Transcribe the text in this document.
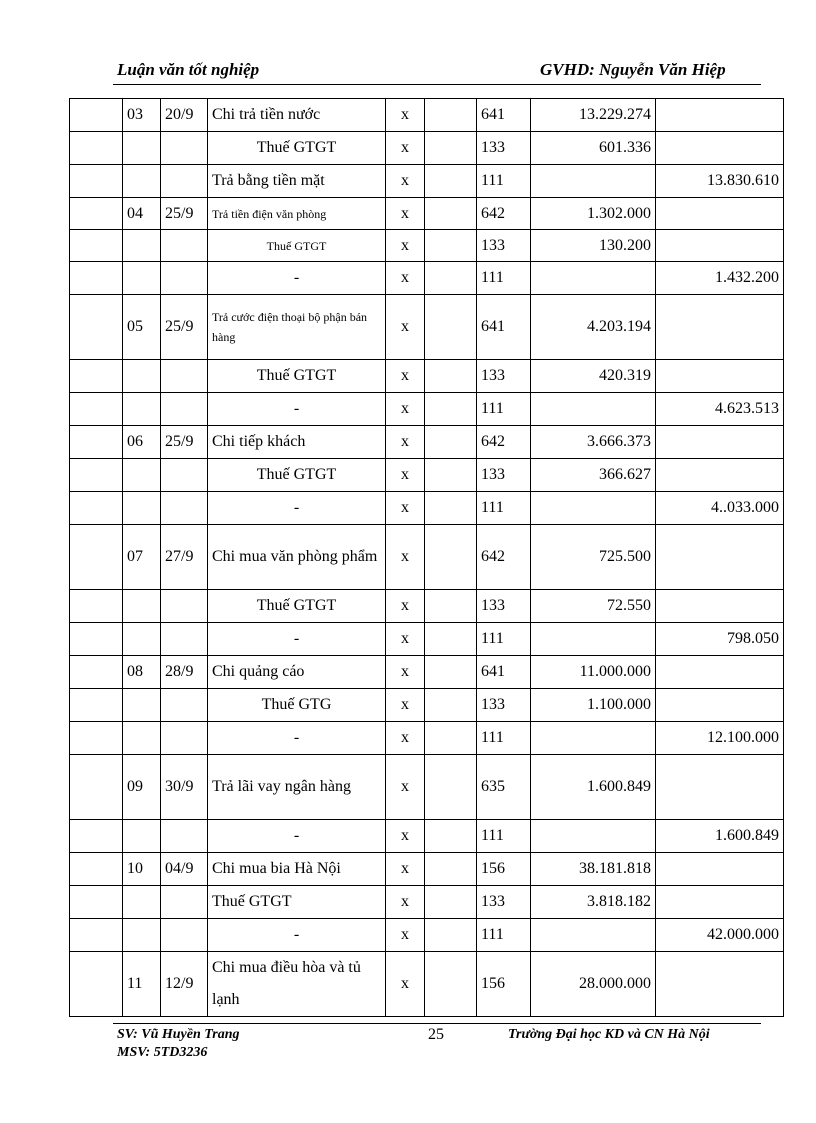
Luận văn tốt nghiệp	GVHD: Nguyễn Văn Hiệp
	03	20/9	Chi trả tiền nước	x		641	13.229.274	
			Thuế GTGT	x		133	601.336	
			Trả bằng tiền mặt	x		111		13.830.610
	04	25/9	Trả tiền điện văn phòng	x		642	1.302.000	
			Thuế GTGT	x		133	130.200	
			-	x		111		1.432.200
	05	25/9	Trả cước điện thoại bộ phận bán hàng	x		641	4.203.194	
			Thuế GTGT	x		133	420.319	
			-	x		111		4.623.513
	06	25/9	Chi tiếp khách	x		642	3.666.373	
			Thuế GTGT	x		133	366.627	
			-	x		111		4..033.000
	07	27/9	Chi mua văn phòng phẩm	x		642	725.500	
			Thuế GTGT	x		133	72.550	
			-	x		111		798.050
	08	28/9	Chi quảng cáo	x		641	11.000.000	
			Thuế GTG	x		133	1.100.000	
			-	x		111		12.100.000
	09	30/9	Trả lãi vay ngân hàng	x		635	1.600.849	
			-	x		111		1.600.849
	10	04/9	Chi mua bia Hà Nội	x		156	38.181.818	
			Thuế GTGT	x		133	3.818.182	
			-	x		111		42.000.000
	11	12/9	Chi mua điều hòa và tủ lạnh	x		156	28.000.000	
SV: Vũ Huyền Trang
MSV: 5TD3236
25	Trường Đại học KD và CN Hà Nội
